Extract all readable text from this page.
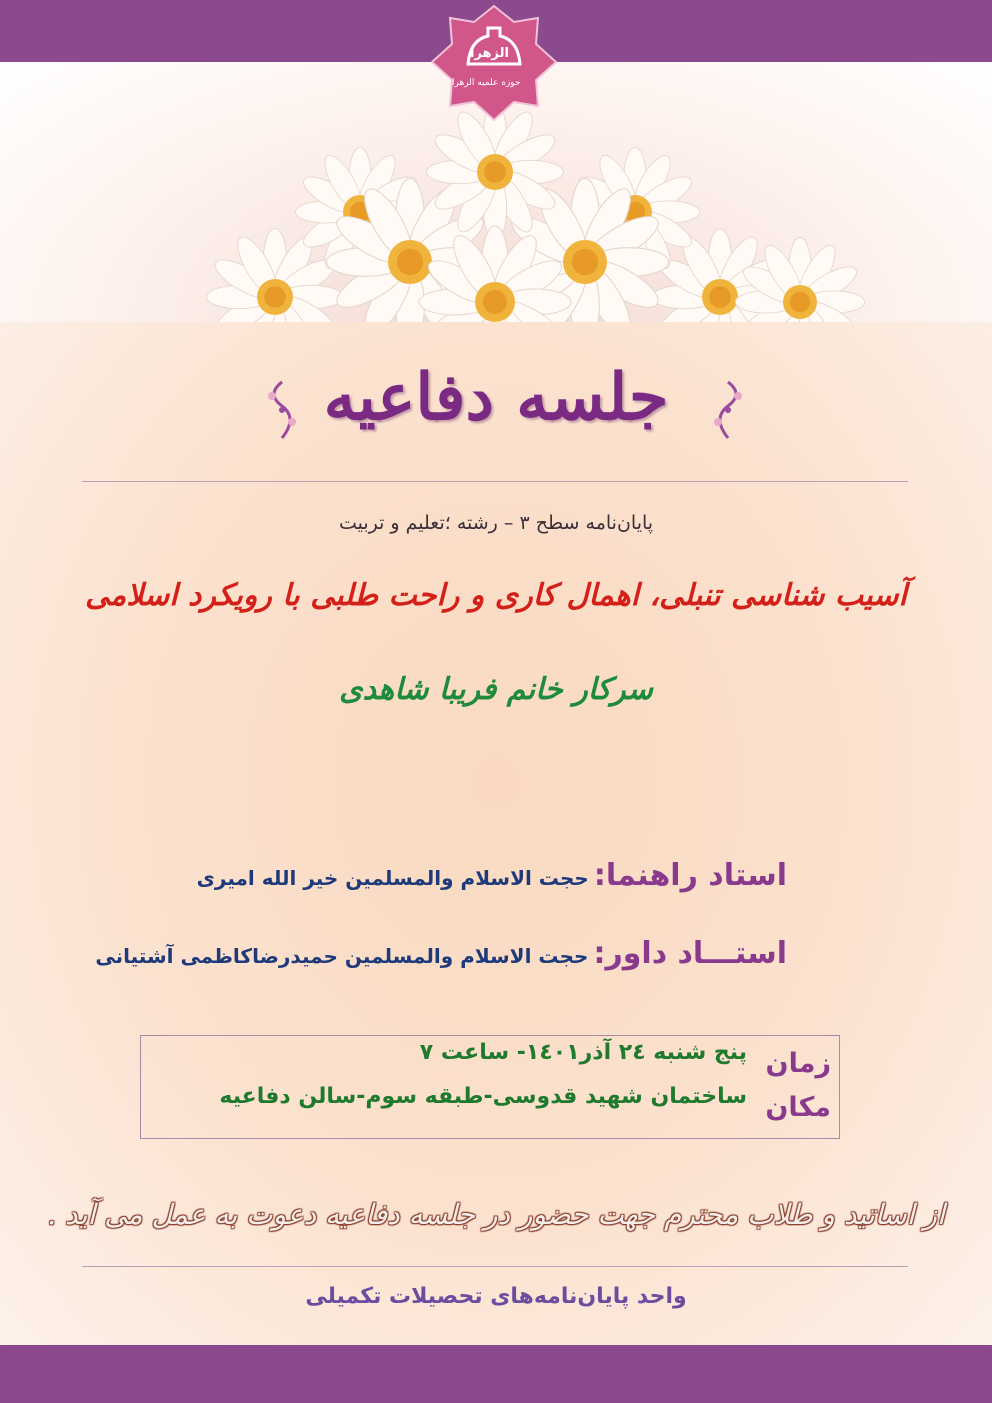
الزهرا
حوزه علمیه الزهرا
جلسه دفاعیه
پایان‌نامه سطح ۳ – رشته ؛تعلیم و تربیت
آسیب شناسی تنبلی، اهمال کاری و راحت طلبی با رویکرد اسلامی
سرکار خانم فریبا شاهدی
استاد راهنما: حجت الاسلام والمسلمین خیر الله امیری
استـــاد داور: حجت الاسلام والمسلمین حمیدرضاکاظمی آشتیانی
زمان
مکان
پنج شنبه ٢٤ آذر١٤٠١- ساعت ٧
ساختمان شهید قدوسی-طبقه سوم-سالن دفاعیه
از اساتید و طلاب محترم جهت حضور در جلسه دفاعیه دعوت به عمل می آید .
واحد پایان‌نامه‌های تحصیلات تکمیلی
